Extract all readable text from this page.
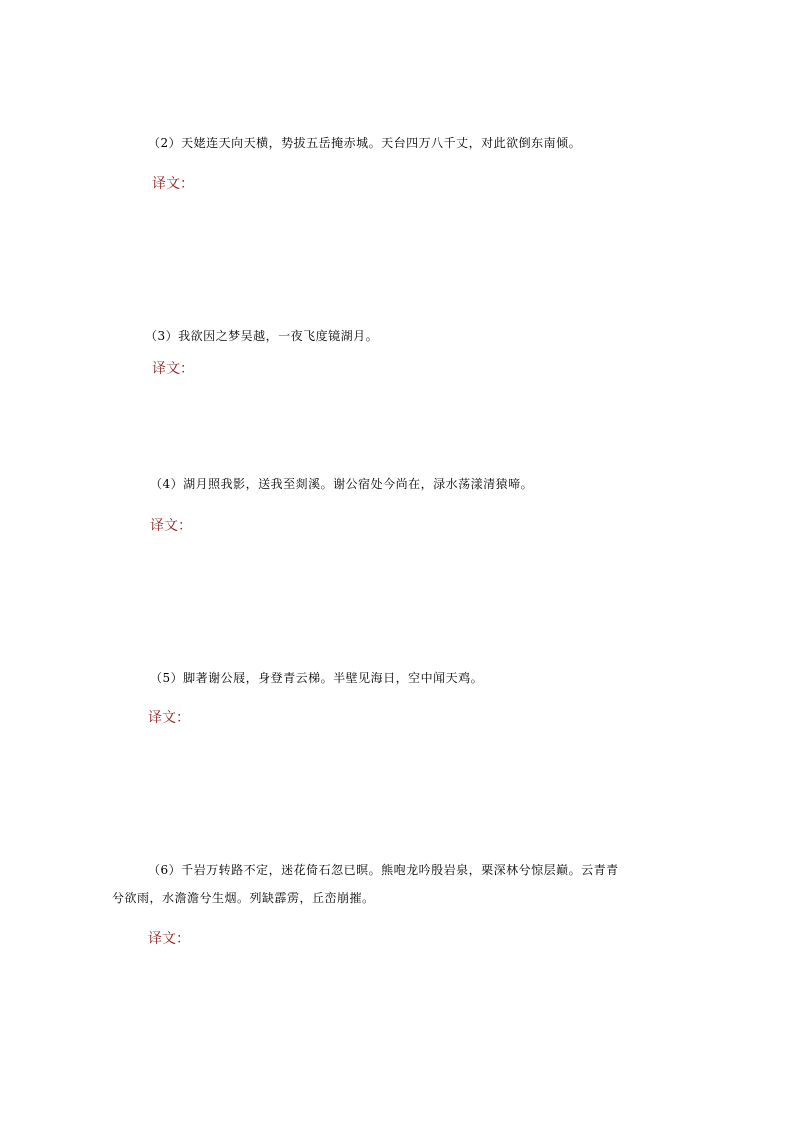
（2）天姥连天向天横，势拔五岳掩赤城。天台四万八千丈，对此欲倒东南倾。
译文：
（3）我欲因之梦吴越，一夜飞度镜湖月。
译文：
（4）湖月照我影，送我至剡溪。谢公宿处今尚在，渌水荡漾清猿啼。
译文：
（5）脚著谢公屐，身登青云梯。半壁见海日，空中闻天鸡。
译文：
（6）千岩万转路不定，迷花倚石忽已暝。熊咆龙吟殷岩泉，栗深林兮惊层巅。云青青
兮欲雨，水澹澹兮生烟。列缺霹雳，丘峦崩摧。
译文：
